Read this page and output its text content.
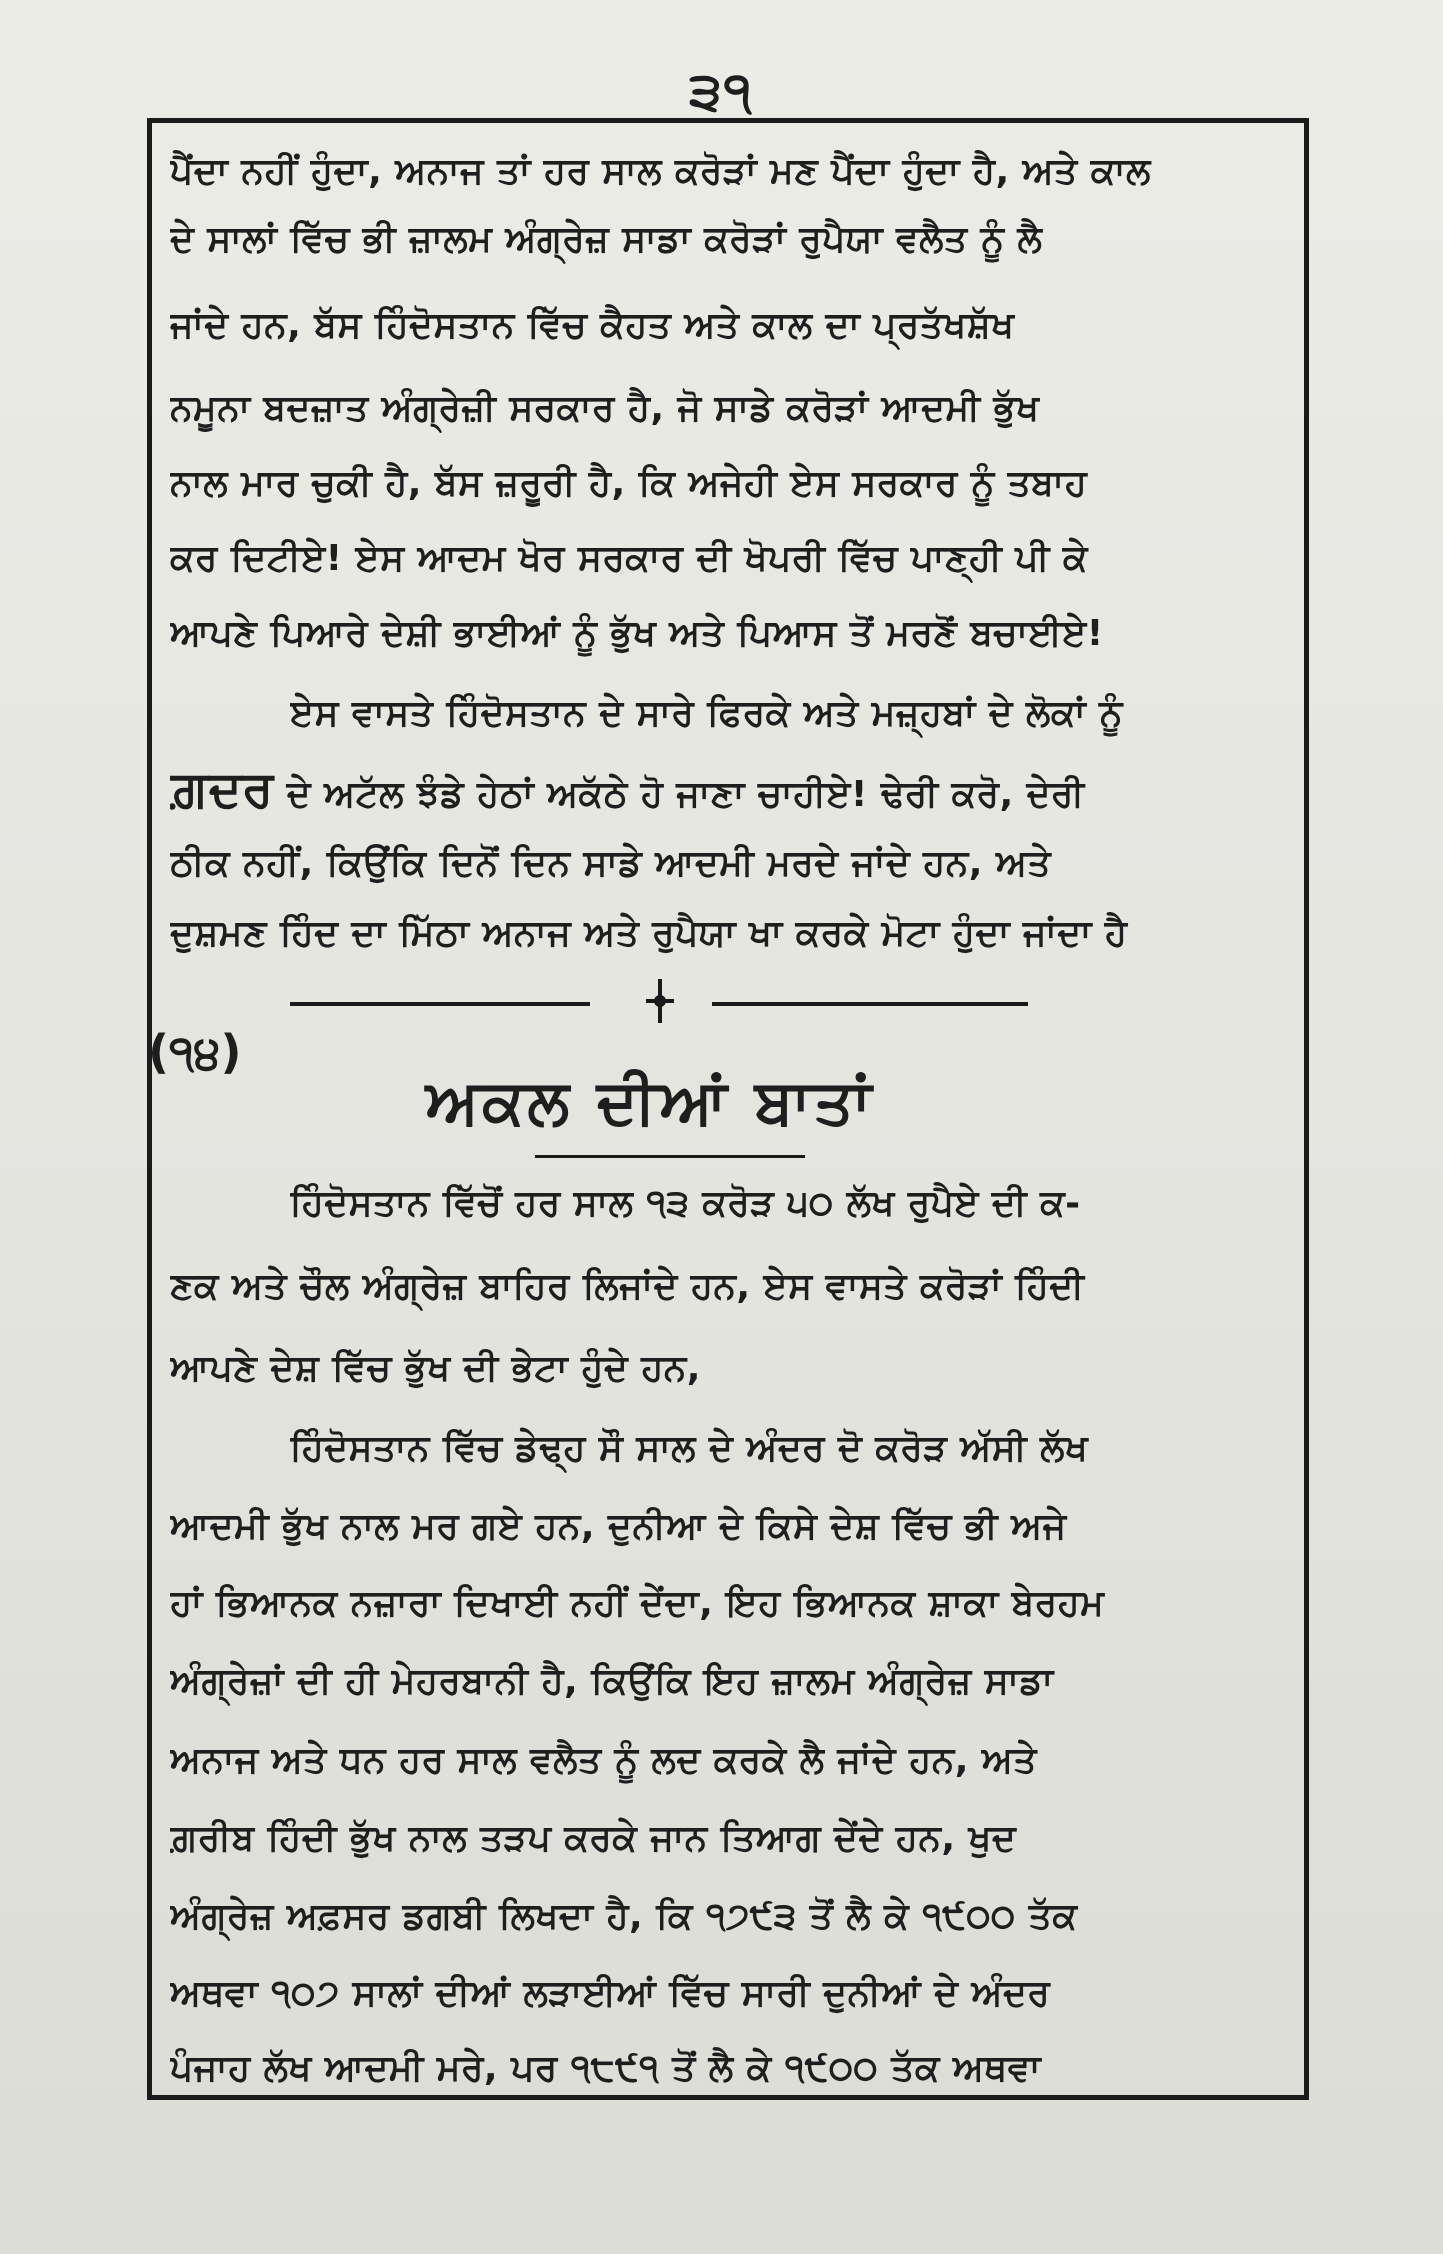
੩੧
ਪੈਂਦਾ ਨਹੀਂ ਹੁੰਦਾ, ਅਨਾਜ ਤਾਂ ਹਰ ਸਾਲ ਕਰੋੜਾਂ ਮਣ ਪੈਂਦਾ ਹੁੰਦਾ ਹੈ, ਅਤੇ ਕਾਲ
ਦੇ ਸਾਲਾਂ ਵਿੱਚ ਭੀ ਜ਼ਾਲਮ ਅੰਗ੍ਰੇਜ਼ ਸਾਡਾ ਕਰੋੜਾਂ ਰੁਪੈਯਾ ਵਲੈਤ ਨੂੰ ਲੈ
ਜਾਂਦੇ ਹਨ, ਬੱਸ ਹਿੰਦੋਸਤਾਨ ਵਿੱਚ ਕੈਹਤ ਅਤੇ ਕਾਲ ਦਾ ਪ੍ਰਤੱਖਸ਼ੱਖ
ਨਮੂਨਾ ਬਦਜ਼ਾਤ ਅੰਗ੍ਰੇਜ਼ੀ ਸਰਕਾਰ ਹੈ, ਜੋ ਸਾਡੇ ਕਰੋੜਾਂ ਆਦਮੀ ਭੁੱਖ
ਨਾਲ ਮਾਰ ਚੁਕੀ ਹੈ, ਬੱਸ ਜ਼ਰੂਰੀ ਹੈ, ਕਿ ਅਜੇਹੀ ਏਸ ਸਰਕਾਰ ਨੂੰ ਤਬਾਹ
ਕਰ ਦਿਟੀਏ! ਏਸ ਆਦਮ ਖੋਰ ਸਰਕਾਰ ਦੀ ਖੋਪਰੀ ਵਿੱਚ ਪਾਣ੍ਹੀ ਪੀ ਕੇ
ਆਪਣੇ ਪਿਆਰੇ ਦੇਸ਼ੀ ਭਾਈਆਂ ਨੂੰ ਭੁੱਖ ਅਤੇ ਪਿਆਸ ਤੋਂ ਮਰਣੋਂ ਬਚਾਈਏ!
ਏਸ ਵਾਸਤੇ ਹਿੰਦੋਸਤਾਨ ਦੇ ਸਾਰੇ ਫਿਰਕੇ ਅਤੇ ਮਜ਼੍ਹਬਾਂ ਦੇ ਲੋਕਾਂ ਨੂੰ
ਗ਼ਦਰ ਦੇ ਅਟੱਲ ਝੰਡੇ ਹੇਠਾਂ ਅਕੱਠੇ ਹੋ ਜਾਣਾ ਚਾਹੀਏ! ਢੇਰੀ ਕਰੋ, ਦੇਰੀ
ਠੀਕ ਨਹੀਂ, ਕਿਉਂਕਿ ਦਿਨੋਂ ਦਿਨ ਸਾਡੇ ਆਦਮੀ ਮਰਦੇ ਜਾਂਦੇ ਹਨ, ਅਤੇ
ਦੁਸ਼ਮਣ ਹਿੰਦ ਦਾ ਮਿੱਠਾ ਅਨਾਜ ਅਤੇ ਰੁਪੈਯਾ ਖਾ ਕਰਕੇ ਮੋਟਾ ਹੁੰਦਾ ਜਾਂਦਾ ਹੈ
(੧੪)
ਅਕਲ ਦੀਆਂ ਬਾਤਾਂ
ਹਿੰਦੋਸਤਾਨ ਵਿੱਚੋਂ ਹਰ ਸਾਲ ੧੩ ਕਰੋੜ ੫੦ ਲੱਖ ਰੁਪੈਏ ਦੀ ਕ-
ਣਕ ਅਤੇ ਚੌਲ ਅੰਗ੍ਰੇਜ਼ ਬਾਹਿਰ ਲਿਜਾਂਦੇ ਹਨ, ਏਸ ਵਾਸਤੇ ਕਰੋੜਾਂ ਹਿੰਦੀ
ਆਪਣੇ ਦੇਸ਼ ਵਿੱਚ ਭੁੱਖ ਦੀ ਭੇਟਾ ਹੁੰਦੇ ਹਨ,
ਹਿੰਦੋਸਤਾਨ ਵਿੱਚ ਡੇਢ੍ਹ ਸੌ ਸਾਲ ਦੇ ਅੰਦਰ ਦੋ ਕਰੋੜ ਅੱਸੀ ਲੱਖ
ਆਦਮੀ ਭੁੱਖ ਨਾਲ ਮਰ ਗਏ ਹਨ, ਦੁਨੀਆ ਦੇ ਕਿਸੇ ਦੇਸ਼ ਵਿੱਚ ਭੀ ਅਜੇ
ਹਾਂ ਭਿਆਨਕ ਨਜ਼ਾਰਾ ਦਿਖਾਈ ਨਹੀਂ ਦੇਂਦਾ, ਇਹ ਭਿਆਨਕ ਸ਼ਾਕਾ ਬੇਰਹਮ
ਅੰਗ੍ਰੇਜ਼ਾਂ ਦੀ ਹੀ ਮੇਹਰਬਾਨੀ ਹੈ, ਕਿਉਂਕਿ ਇਹ ਜ਼ਾਲਮ ਅੰਗ੍ਰੇਜ਼ ਸਾਡਾ
ਅਨਾਜ ਅਤੇ ਧਨ ਹਰ ਸਾਲ ਵਲੈਤ ਨੂੰ ਲਦ ਕਰਕੇ ਲੈ ਜਾਂਦੇ ਹਨ, ਅਤੇ
ਗ਼ਰੀਬ ਹਿੰਦੀ ਭੁੱਖ ਨਾਲ ਤੜਪ ਕਰਕੇ ਜਾਨ ਤਿਆਗ ਦੇਂਦੇ ਹਨ, ਖੁਦ
ਅੰਗ੍ਰੇਜ਼ ਅਫ਼ਸਰ ਡਗਬੀ ਲਿਖਦਾ ਹੈ, ਕਿ ੧੭੯੩ ਤੋਂ ਲੈ ਕੇ ੧੯੦੦ ਤੱਕ
ਅਥਵਾ ੧੦੭ ਸਾਲਾਂ ਦੀਆਂ ਲੜਾਈਆਂ ਵਿੱਚ ਸਾਰੀ ਦੁਨੀਆਂ ਦੇ ਅੰਦਰ
ਪੰਜਾਹ ਲੱਖ ਆਦਮੀ ਮਰੇ, ਪਰ ੧੮੯੧ ਤੋਂ ਲੈ ਕੇ ੧੯੦੦ ਤੱਕ ਅਥਵਾ
